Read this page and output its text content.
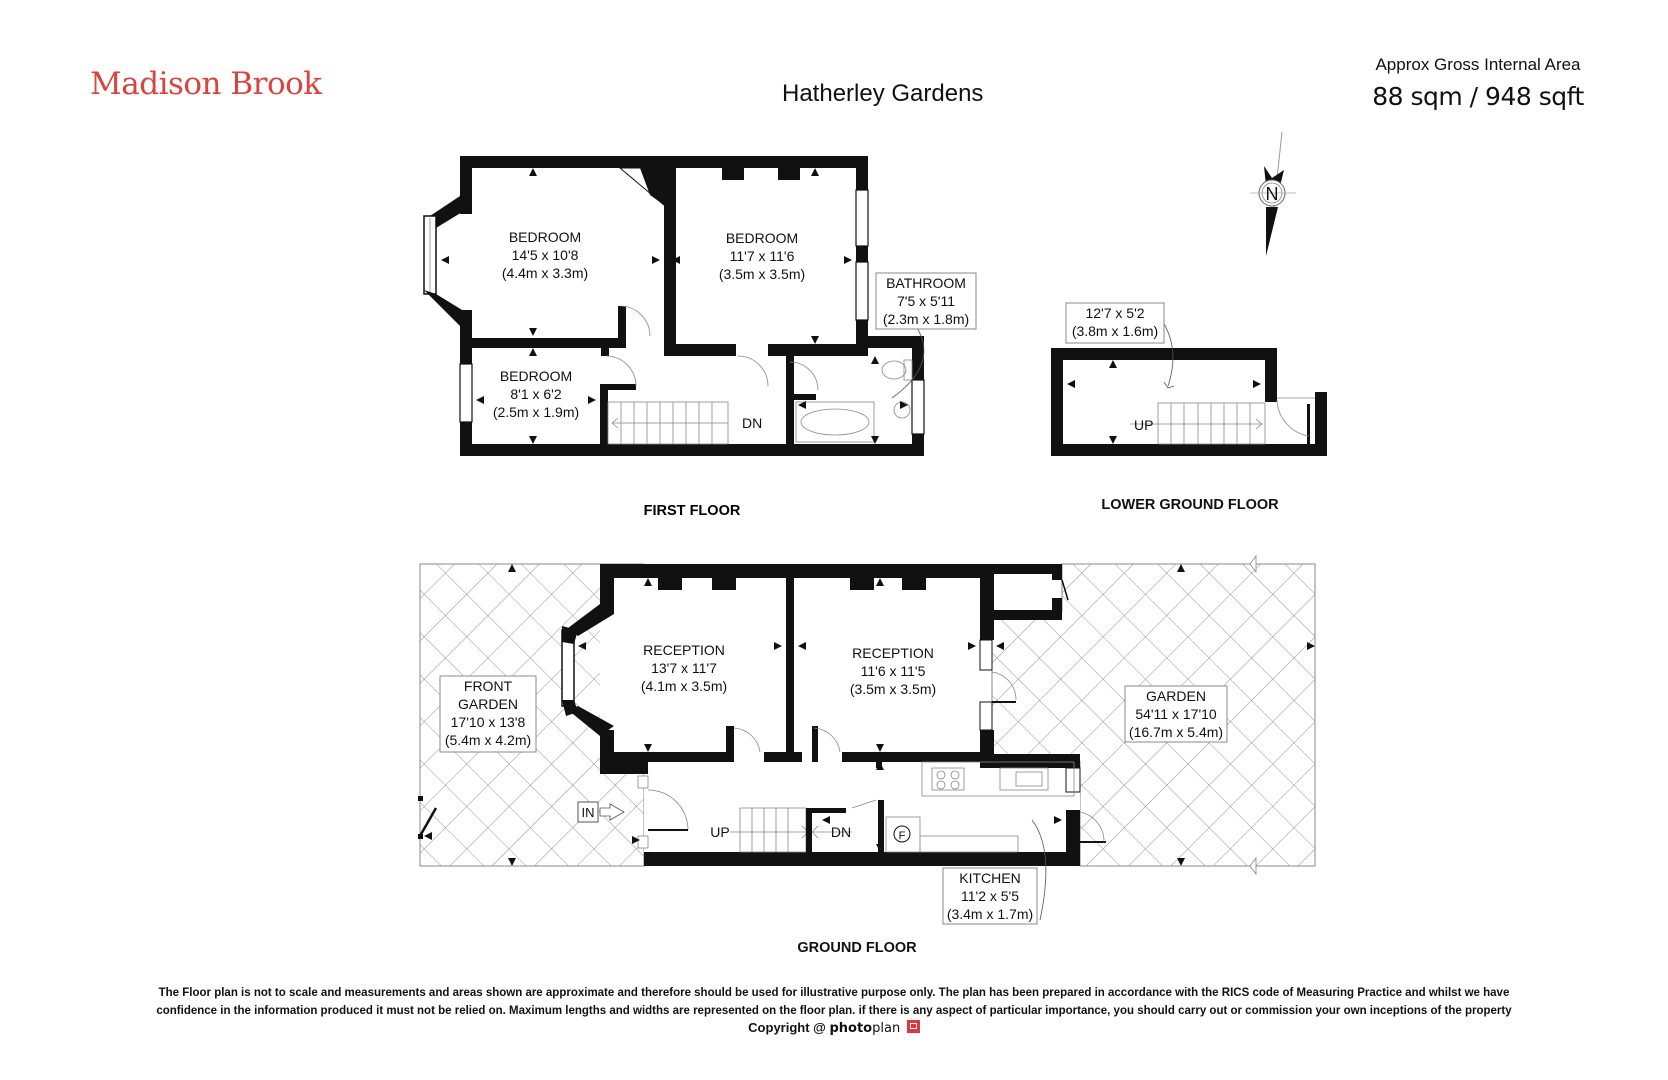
Madison Brook	Hatherley Gardens
Approx Gross Internal Area
88 sqm / 948 sqft
N
DN
BEDROOM
14'5 x 10'8
(4.4m x 3.3m)
BEDROOM
11'7 x 11'6
(3.5m x 3.5m)
BEDROOM
8'1 x 6'2
(2.5m x 1.9m)
BATHROOM
7'5 x 5'11
(2.3m x 1.8m)
FIRST FLOOR
UP
12'7 x 5'2
(3.8m x 1.6m)
LOWER GROUND FLOOR
UP	DN	F
IN
RECEPTION
13'7 x 11'7
(4.1m x 3.5m)
RECEPTION
11'6 x 11'5
(3.5m x 3.5m)
FRONT
GARDEN
17'10 x 13'8
(5.4m x 4.2m)
GARDEN
54'11 x 17'10
(16.7m x 5.4m)
KITCHEN
11'2 x 5'5
(3.4m x 1.7m)
GROUND FLOOR
The Floor plan is not to scale and measurements and areas shown are approximate and therefore should be used for illustrative purpose only. The plan has been prepared in accordance with the RICS code of Measuring Practice and whilst we have
confidence in the information produced it must not be relied on. Maximum lengths and widths are represented on the floor plan. if there is any aspect of particular importance, you should carry out or commission your own inceptions of the property
Copyright @ photoplan
